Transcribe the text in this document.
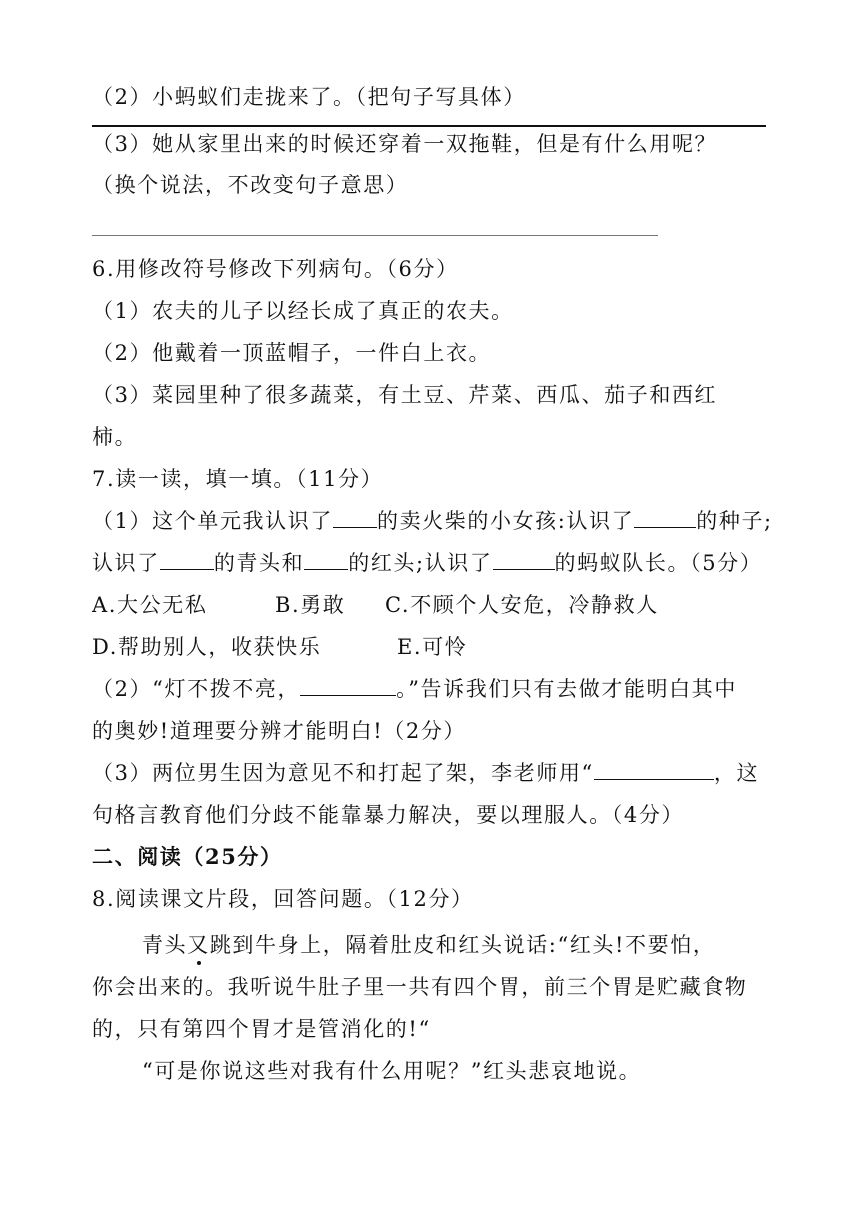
（2）小蚂蚁们走拢来了。（把句子写具体）
（3）她从家里出来的时候还穿着一双拖鞋，但是有什么用呢？
（换个说法，不改变句子意思）
6.用修改符号修改下列病句。（6分）
（1）农夫的儿子以经长成了真正的农夫。
（2）他戴着一顶蓝帽子，一件白上衣。
（3）菜园里种了很多蔬菜，有土豆、芹菜、西瓜、茄子和西红
柿。
7.读一读，填一填。（11分）
（1）这个单元我认识了 的卖火柴的小女孩:认识了	的种子;
认识了	的青头和 的红头;认识了	的蚂蚁队长。（5分）
A.大公无私	B.勇敢 C.不顾个人安危，冷静救人
D.帮助别人，收获快乐	E.可怜
（2）“灯不拨不亮，	。”告诉我们只有去做才能明白其中
的奥妙!道理要分辨才能明白!（2分）
（3）两位男生因为意见不和打起了架，李老师用“	，这
句格言教育他们分歧不能靠暴力解决，要以理服人。（4分）
二、阅读（25分）
8.阅读课文片段，回答问题。（12分）
青头又跳到牛身上，隔着肚皮和红头说话:“红头!不要怕，
你会出来的。我听说牛肚子里一共有四个胃，前三个胃是贮藏食物
的，只有第四个胃才是管消化的!“
“可是你说这些对我有什么用呢？”红头悲哀地说。
